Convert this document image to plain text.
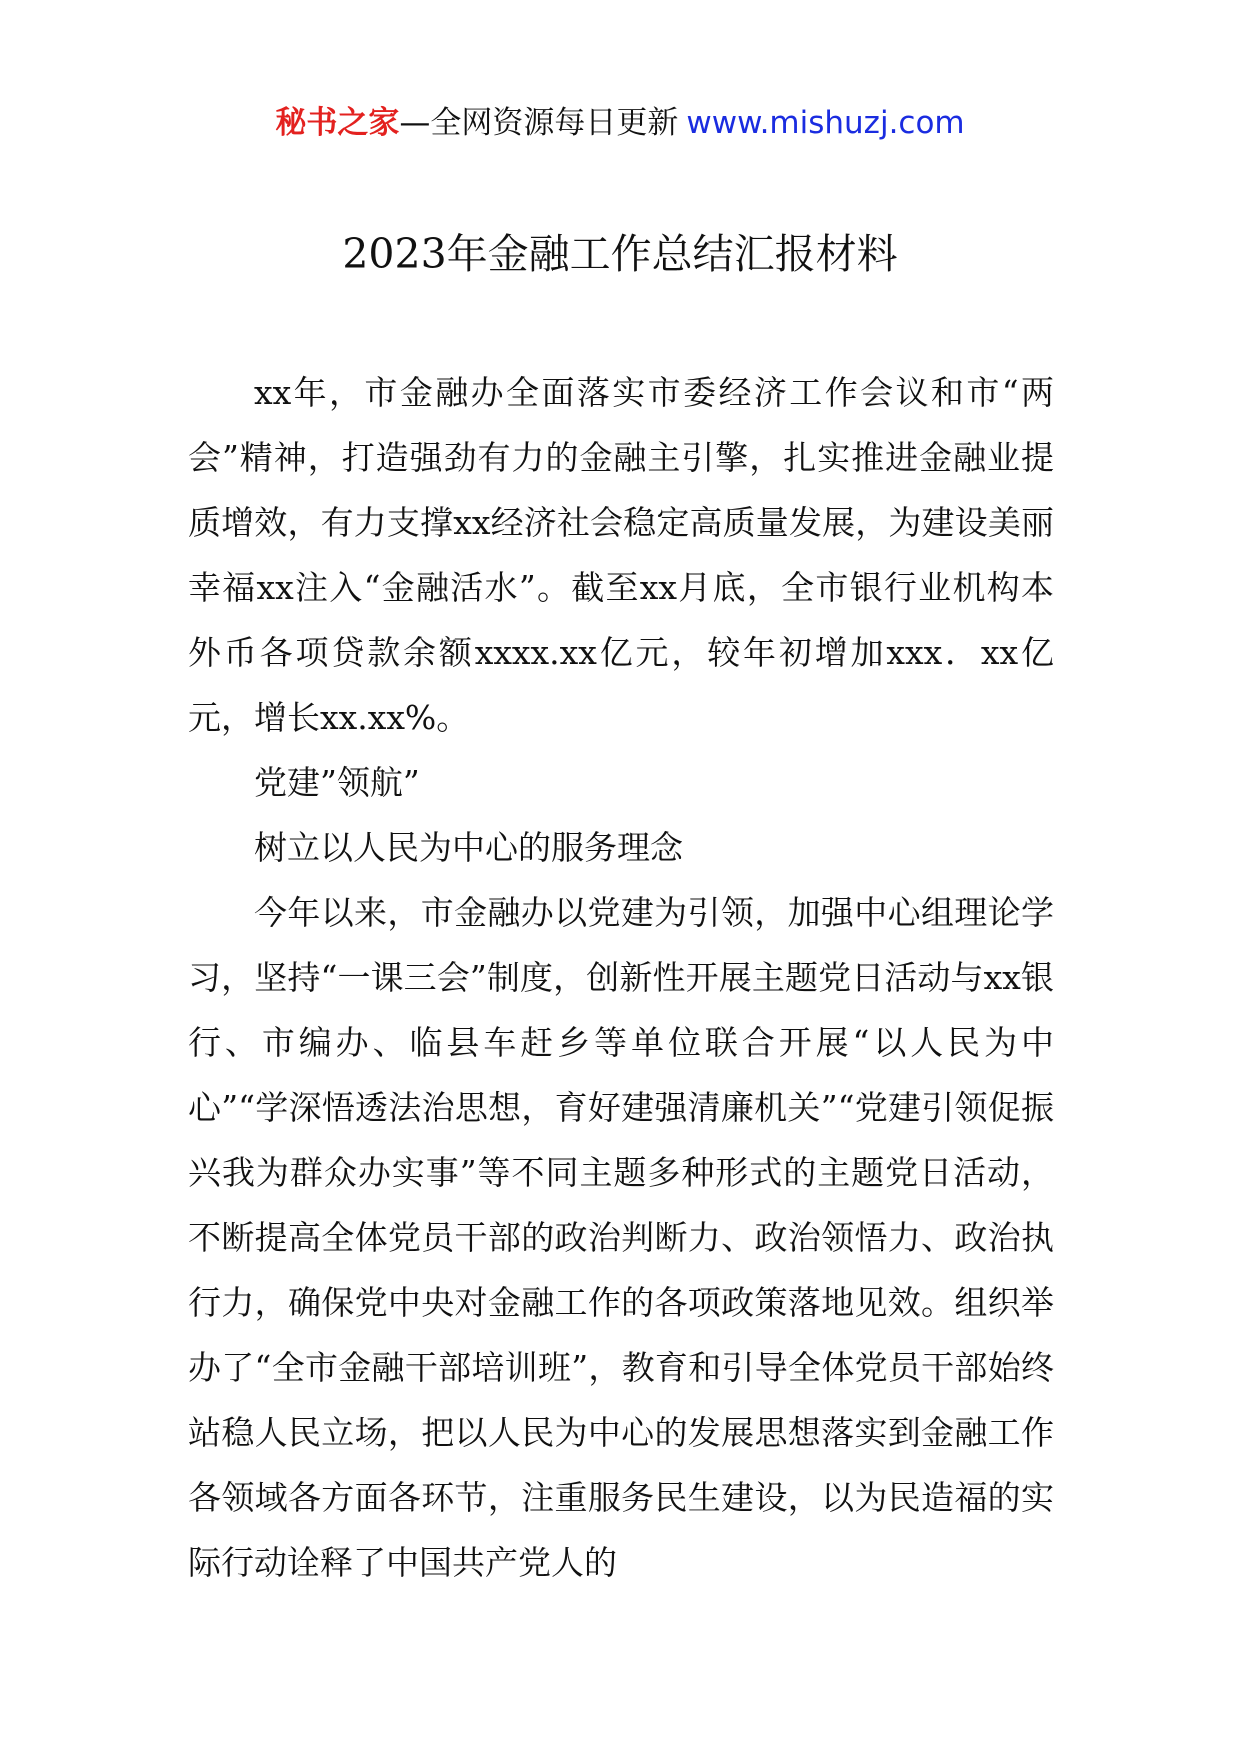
秘书之家—全网资源每日更新 www.mishuzj.com
2023年金融工作总结汇报材料

xx年，市金融办全面落实市委经济工作会议和市“两会”精神，打造强劲有力的金融主引擎，扎实推进金融业提质增效，有力支撑xx经济社会稳定高质量发展，为建设美丽幸福xx注入“金融活水”。截至xx月底，全市银行业机构本外币各项贷款余额xxxx.xx亿元，较年初增加xxx．xx亿元，增长xx.xx%。

党建”领航”

树立以人民为中心的服务理念

今年以来，市金融办以党建为引领，加强中心组理论学习，坚持“一课三会”制度，创新性开展主题党日活动与xx银行、市编办、临县车赶乡等单位联合开展“以人民为中心”“学深悟透法治思想，育好建强清廉机关”“党建引领促振兴我为群众办实事”等不同主题多种形式的主题党日活动，不断提高全体党员干部的政治判断力、政治领悟力、政治执行力，确保党中央对金融工作的各项政策落地见效。组织举办了“全市金融干部培训班”，教育和引导全体党员干部始终站稳人民立场，把以人民为中心的发展思想落实到金融工作各领域各方面各环节，注重服务民生建设，以为民造福的实际行动诠释了中国共产党人的
